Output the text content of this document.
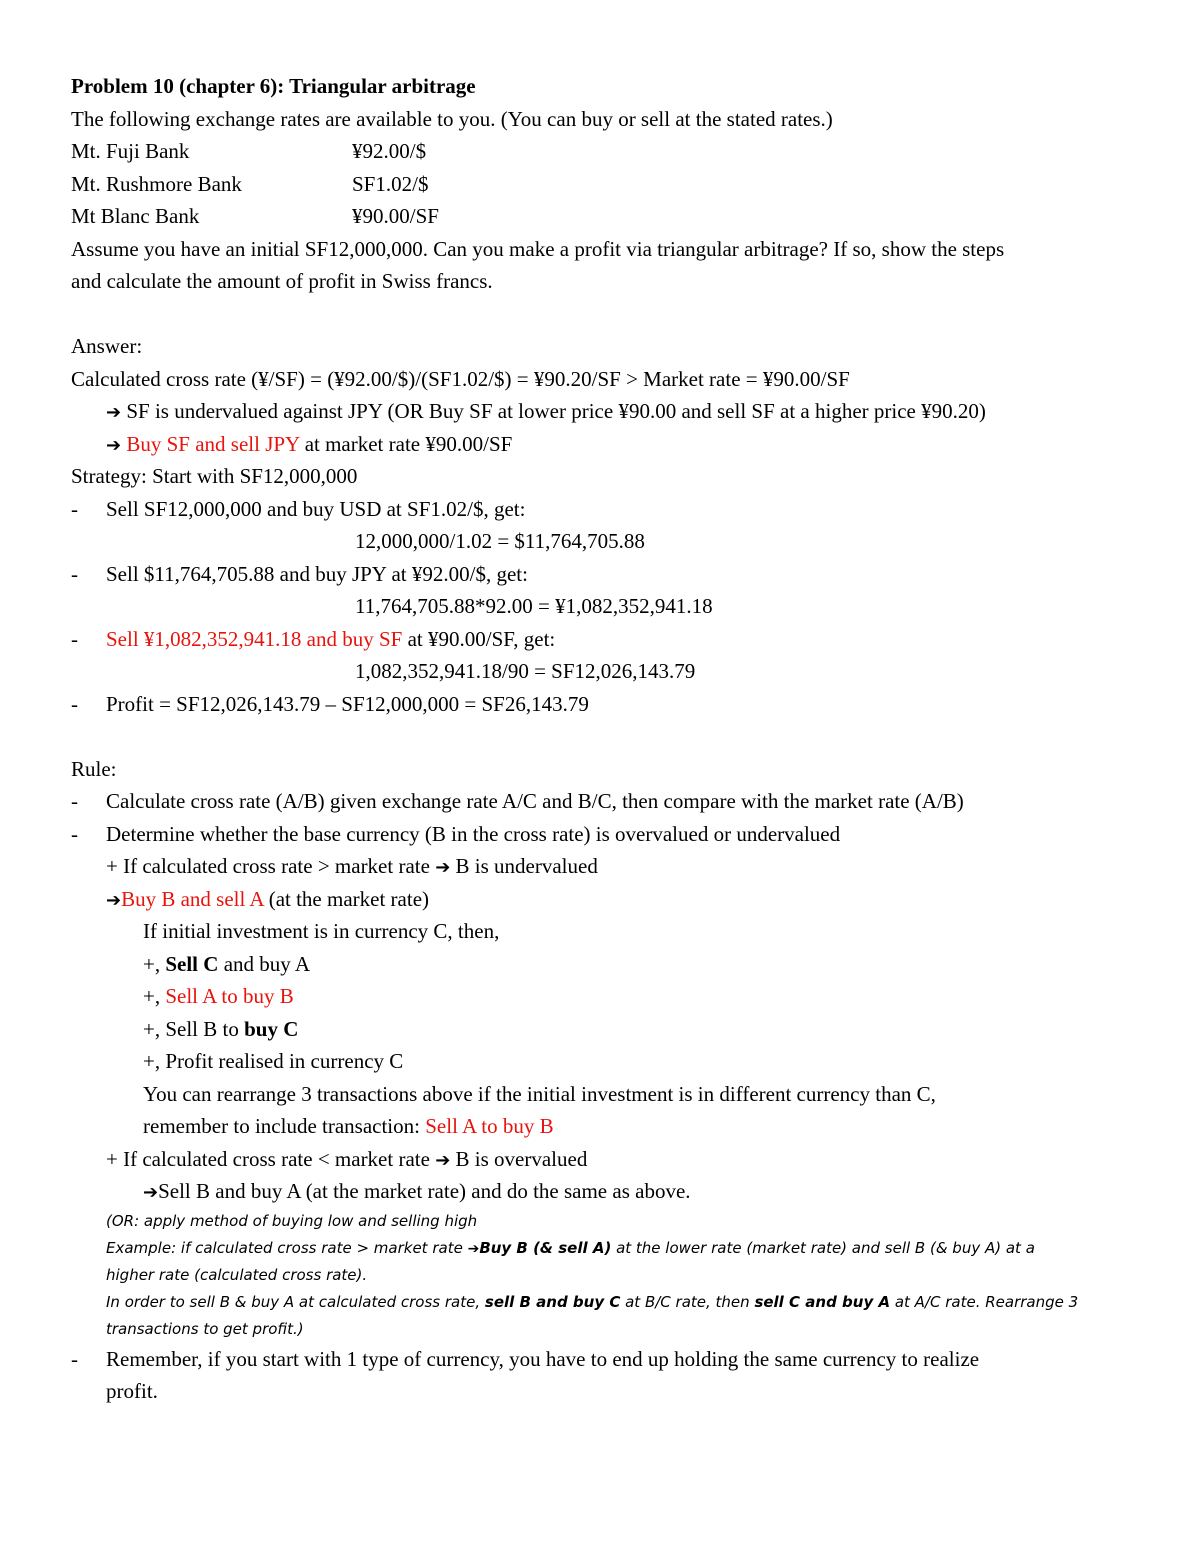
Problem 10 (chapter 6): Triangular arbitrage
The following exchange rates are available to you. (You can buy or sell at the stated rates.)
Mt. Fuji Bank	¥92.00/$
Mt. Rushmore Bank	SF1.02/$
Mt Blanc Bank	¥90.00/SF
Assume you have an initial SF12,000,000. Can you make a profit via triangular arbitrage? If so, show the steps
and calculate the amount of profit in Swiss francs.
Answer:
Calculated cross rate (¥/SF) = (¥92.00/$)/(SF1.02/$) = ¥90.20/SF > Market rate = ¥90.00/SF
➔ SF is undervalued against JPY (OR Buy SF at lower price ¥90.00 and sell SF at a higher price ¥90.20)
➔ Buy SF and sell JPY at market rate ¥90.00/SF
Strategy: Start with SF12,000,000
- Sell SF12,000,000 and buy USD at SF1.02/$, get:
12,000,000/1.02 = $11,764,705.88
- Sell $11,764,705.88 and buy JPY at ¥92.00/$, get:
11,764,705.88*92.00 = ¥1,082,352,941.18
- Sell ¥1,082,352,941.18 and buy SF at ¥90.00/SF, get:
1,082,352,941.18/90 = SF12,026,143.79
- Profit = SF12,026,143.79 – SF12,000,000 = SF26,143.79
Rule:
- Calculate cross rate (A/B) given exchange rate A/C and B/C, then compare with the market rate (A/B)
- Determine whether the base currency (B in the cross rate) is overvalued or undervalued
+ If calculated cross rate > market rate ➔ B is undervalued
➔Buy B and sell A (at the market rate)
If initial investment is in currency C, then,
+, Sell C and buy A
+, Sell A to buy B
+, Sell B to buy C
+, Profit realised in currency C
You can rearrange 3 transactions above if the initial investment is in different currency than C,
remember to include transaction: Sell A to buy B
+ If calculated cross rate < market rate ➔ B is overvalued
➔Sell B and buy A (at the market rate) and do the same as above.
(OR: apply method of buying low and selling high
Example: if calculated cross rate > market rate ➔Buy B (& sell A) at the lower rate (market rate) and sell B (& buy A) at a
higher rate (calculated cross rate).
In order to sell B & buy A at calculated cross rate, sell B and buy C at B/C rate, then sell C and buy A at A/C rate. Rearrange 3
transactions to get profit.)
- Remember, if you start with 1 type of currency, you have to end up holding the same currency to realize
profit.
